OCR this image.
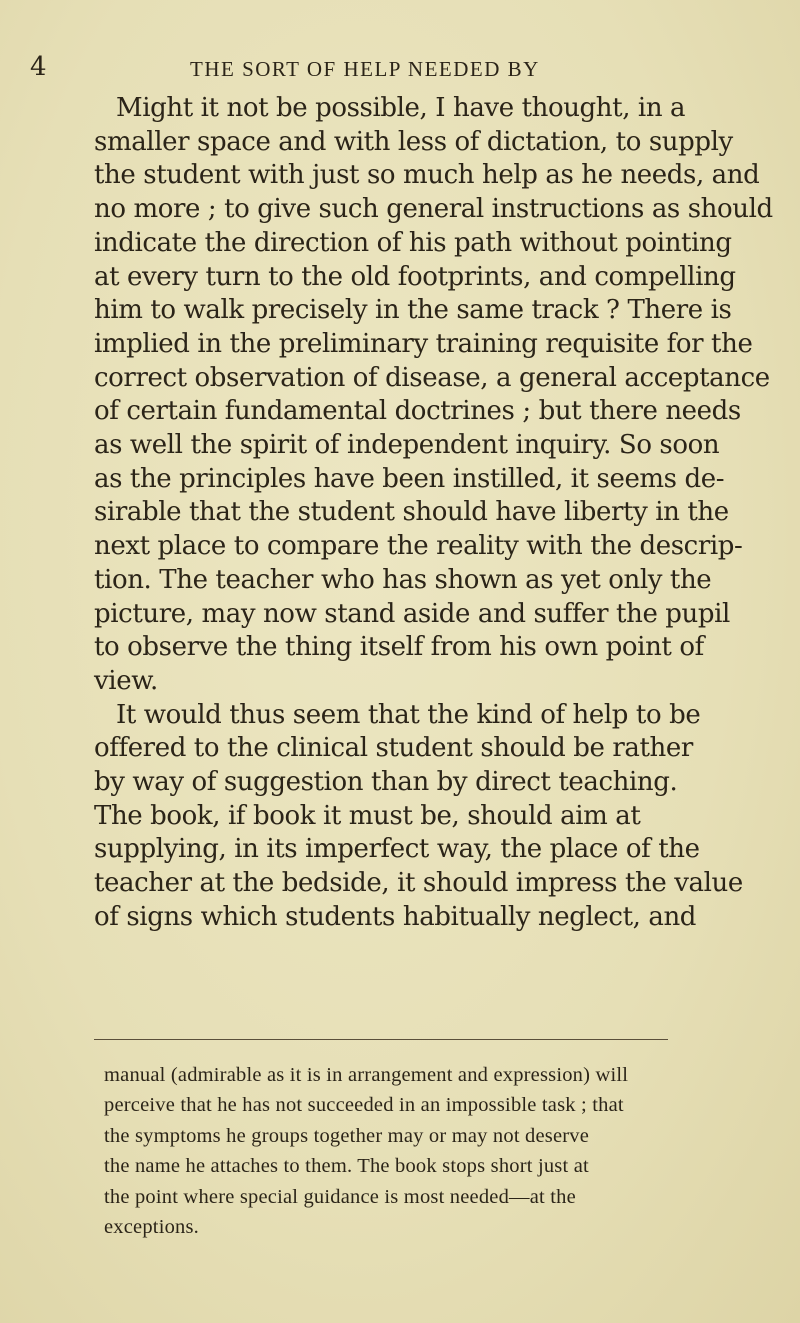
4	THE SORT OF HELP NEEDED BY
Might it not be possible, I have thought, in a
smaller space and with less of dictation, to supply
the student with just so much help as he needs, and
no more ; to give such general instructions as should
indicate the direction of his path without pointing
at every turn to the old footprints, and compelling
him to walk precisely in the same track ? There is
implied in the preliminary training requisite for the
correct observation of disease, a general acceptance
of certain fundamental doctrines ; but there needs
as well the spirit of independent inquiry. So soon
as the principles have been instilled, it seems de-
sirable that the student should have liberty in the
next place to compare the reality with the descrip-
tion. The teacher who has shown as yet only the
picture, may now stand aside and suffer the pupil
to observe the thing itself from his own point of
view.
It would thus seem that the kind of help to be
offered to the clinical student should be rather
by way of suggestion than by direct teaching.
The book, if book it must be, should aim at
supplying, in its imperfect way, the place of the
teacher at the bedside, it should impress the value
of signs which students habitually neglect, and
manual (admirable as it is in arrangement and expression) will
perceive that he has not succeeded in an impossible task ; that
the symptoms he groups together may or may not deserve
the name he attaches to them. The book stops short just at
the point where special guidance is most needed—at the
exceptions.
